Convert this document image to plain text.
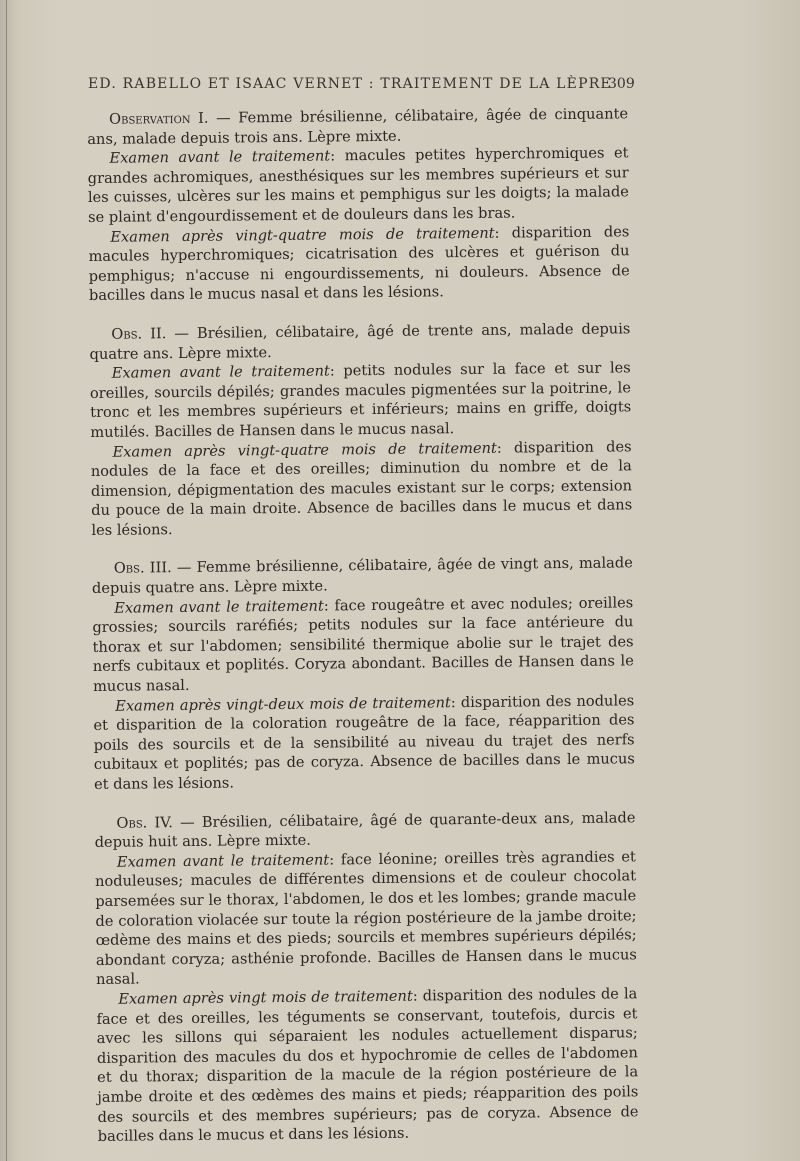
ED. RABELLO ET ISAAC VERNET : TRAITEMENT DE LA LÈPRE
309

Observation I. — Femme brésilienne, célibataire, âgée de cinquante ans, malade depuis trois ans. Lèpre mixte.

Examen avant le traitement: macules petites hyperchromiques et grandes achromiques, anesthésiques sur les membres supérieurs et sur les cuisses, ulcères sur les mains et pemphigus sur les doigts; la malade se plaint d'engourdissement et de douleurs dans les bras.

Examen après vingt-quatre mois de traitement: disparition des macules hyperchromiques; cicatrisation des ulcères et guérison du pemphigus; n'accuse ni engourdissements, ni douleurs. Absence de bacilles dans le mucus nasal et dans les lésions.

Obs. II. — Brésilien, célibataire, âgé de trente ans, malade depuis quatre ans. Lèpre mixte.

Examen avant le traitement: petits nodules sur la face et sur les oreilles, sourcils dépilés; grandes macules pigmentées sur la poitrine, le tronc et les membres supérieurs et inférieurs; mains en griffe, doigts mutilés. Bacilles de Hansen dans le mucus nasal.

Examen après vingt-quatre mois de traitement: disparition des nodules de la face et des oreilles; diminution du nombre et de la dimension, dépigmentation des macules existant sur le corps; extension du pouce de la main droite. Absence de bacilles dans le mucus et dans les lésions.

Obs. III. — Femme brésilienne, célibataire, âgée de vingt ans, malade depuis quatre ans. Lèpre mixte.

Examen avant le traitement: face rougeâtre et avec nodules; oreilles grossies; sourcils raréfiés; petits nodules sur la face antérieure du thorax et sur l'abdomen; sensibilité thermique abolie sur le trajet des nerfs cubitaux et poplités. Coryza abondant. Bacilles de Hansen dans le mucus nasal.

Examen après vingt-deux mois de traitement: disparition des nodules et disparition de la coloration rougeâtre de la face, réapparition des poils des sourcils et de la sensibilité au niveau du trajet des nerfs cubitaux et poplités; pas de coryza. Absence de bacilles dans le mucus et dans les lésions.

Obs. IV. — Brésilien, célibataire, âgé de quarante-deux ans, malade depuis huit ans. Lèpre mixte.

Examen avant le traitement: face léonine; oreilles très agrandies et noduleuses; macules de différentes dimensions et de couleur chocolat parsemées sur le thorax, l'abdomen, le dos et les lombes; grande macule de coloration violacée sur toute la région postérieure de la jambe droite; œdème des mains et des pieds; sourcils et membres supérieurs dépilés; abondant coryza; asthénie profonde. Bacilles de Hansen dans le mucus nasal.

Examen après vingt mois de traitement: disparition des nodules de la face et des oreilles, les téguments se conservant, toutefois, durcis et avec les sillons qui séparaient les nodules actuellement disparus; disparition des macules du dos et hypochromie de celles de l'abdomen et du thorax; disparition de la macule de la région postérieure de la jambe droite et des œdèmes des mains et pieds; réapparition des poils des sourcils et des membres supérieurs; pas de coryza. Absence de bacilles dans le mucus et dans les lésions.
